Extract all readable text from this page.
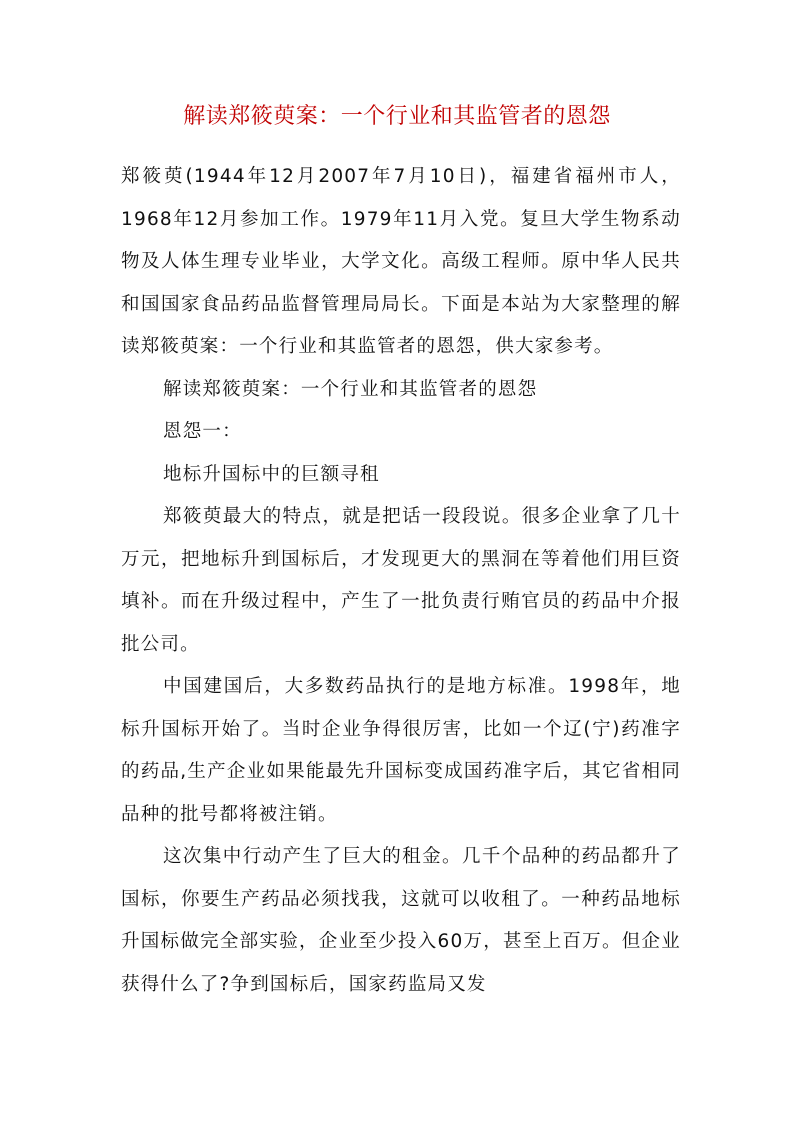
解读郑筱萸案：一个行业和其监管者的恩怨

郑筱萸(1944年12月2007年7月10日)，福建省福州市人，1968年12月参加工作。1979年11月入党。复旦大学生物系动物及人体生理专业毕业，大学文化。高级工程师。原中华人民共和国国家食品药品监督管理局局长。下面是本站为大家整理的解读郑筱萸案：一个行业和其监管者的恩怨，供大家参考。

解读郑筱萸案：一个行业和其监管者的恩怨

恩怨一：

地标升国标中的巨额寻租

郑筱萸最大的特点，就是把话一段段说。很多企业拿了几十万元，把地标升到国标后，才发现更大的黑洞在等着他们用巨资填补。而在升级过程中，产生了一批负责行贿官员的药品中介报批公司。

中国建国后，大多数药品执行的是地方标准。1998年，地标升国标开始了。当时企业争得很厉害，比如一个辽(宁)药准字的药品,生产企业如果能最先升国标变成国药准字后，其它省相同品种的批号都将被注销。

这次集中行动产生了巨大的租金。几千个品种的药品都升了国标，你要生产药品必须找我，这就可以收租了。一种药品地标升国标做完全部实验，企业至少投入60万，甚至上百万。但企业获得什么了?争到国标后，国家药监局又发
